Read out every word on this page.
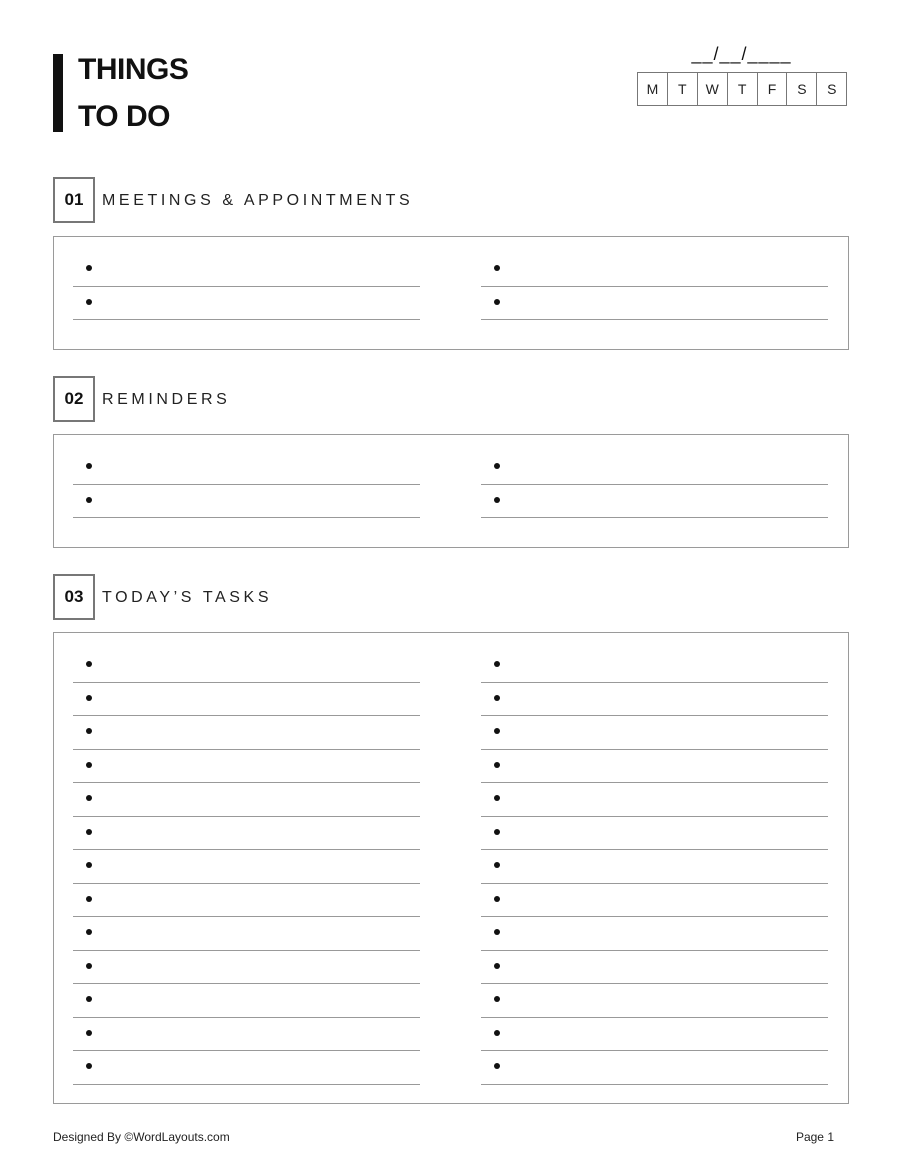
THINGS
TO DO
__/__/____
M	T	W	T	F	S	S
01	MEETINGS & APPOINTMENTS
02	REMINDERS
03	TODAY’S TASKS
Designed By ©WordLayouts.com	Page 1
